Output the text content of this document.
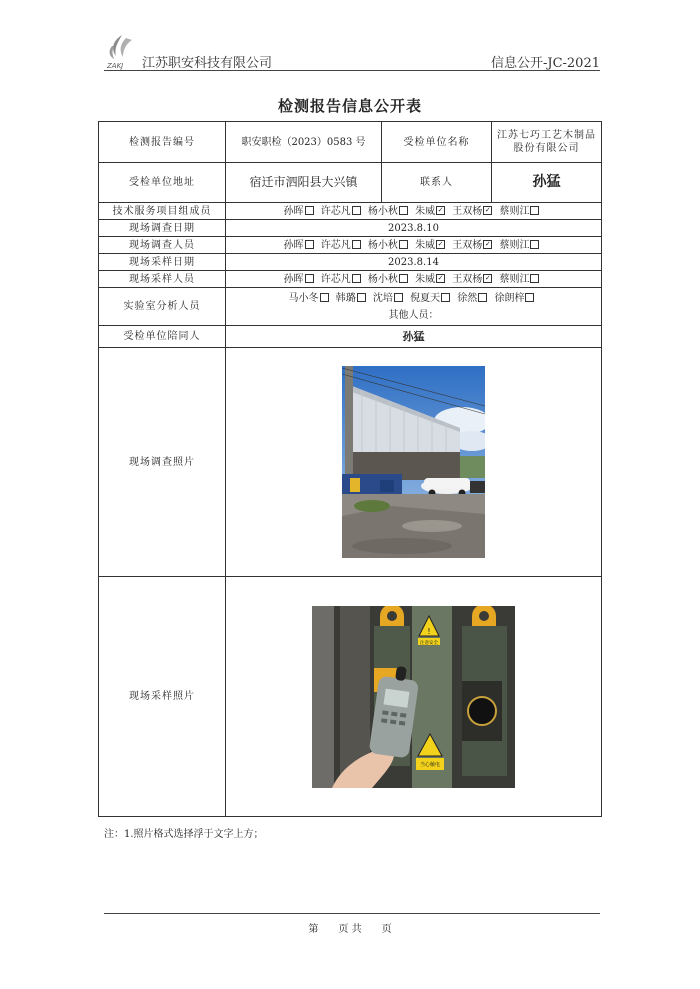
ZAKJ 江苏职安科技有限公司	信息公开-JC-2021
检测报告信息公开表
检测报告编号	职安职检（2023）0583 号	受检单位名称	江苏七巧工艺木制品股份有限公司
受检单位地址	宿迁市泗阳县大兴镇	联系人	孙猛
技术服务项目组成员	孙晖 许芯凡 杨小秋 朱威 ✓ 王双杨 ✓ 蔡则江		
现场调查日期	2023.8.10		
现场调查人员	孙晖 许芯凡 杨小秋 朱威 ✓ 王双杨 ✓ 蔡则江		
现场采样日期	2023.8.14		
现场采样人员	孙晖 许芯凡 杨小秋 朱威 ✓ 王双杨 ✓ 蔡则江		
实验室分析人员	马小冬 韩璐 沈培 倪夏天 徐然 徐朗梓
其他人员：		

受检单位陪同人	孙猛		
现场调查照片	

现场采样照片	!
注意安全
当心触电		
注：1.照片格式选择浮于文字上方；
第　　页 共　　页
